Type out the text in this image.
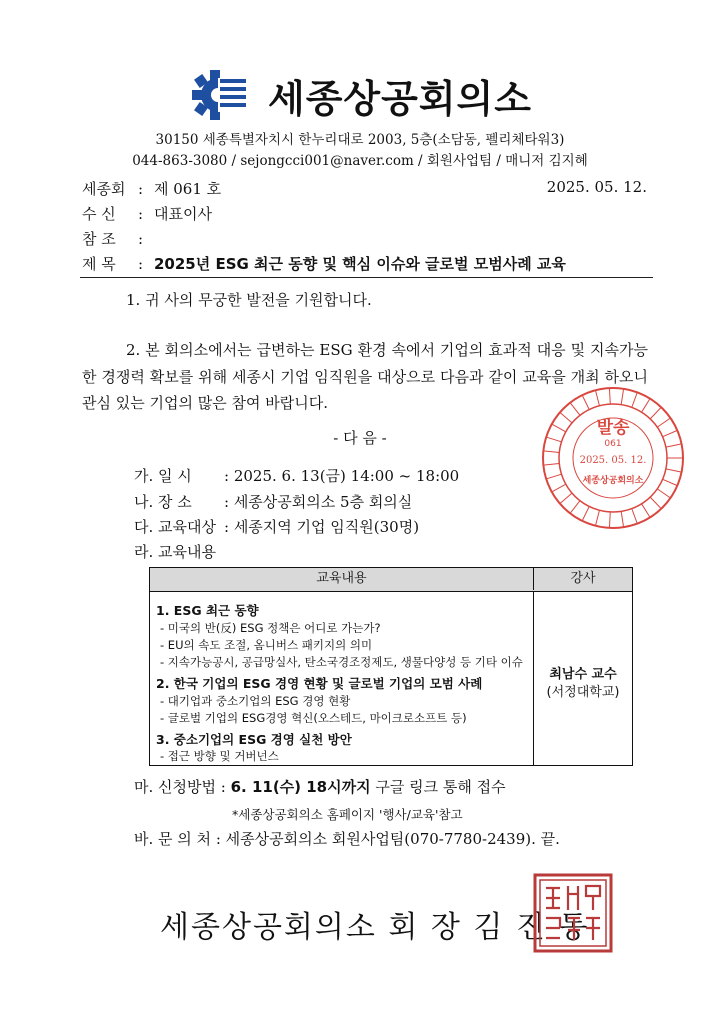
세종상공회의소
30150 세종특별자치시 한누리대로 2003, 5층(소담동, 펠리체타워3)
044-863-3080 / sejongcci001@naver.com / 회원사업팀 / 매니저 김지혜
세종회 : 제 061 호	2025. 05. 12.
수 신 : 대표이사
참 조 :
제 목 : 2025년 ESG 최근 동향 및 핵심 이슈와 글로벌 모범사례 교육
1. 귀 사의 무궁한 발전을 기원합니다.
2. 본 회의소에서는 급변하는 ESG 환경 속에서 기업의 효과적 대응 및 지속가능한 경쟁력 확보를 위해 세종시 기업 임직원을 대상으로 다음과 같이 교육을 개최 하오니 관심 있는 기업의 많은 참여 바랍니다.
- 다 음 -
가. 일 시 : 2025. 6. 13(금) 14:00 ~ 18:00
나. 장 소 : 세종상공회의소 5층 회의실
다. 교육대상 : 세종지역 기업 임직원(30명)
라. 교육내용
교육내용	강사
1. ESG 최근 동향
- 미국의 반(反) ESG 정책은 어디로 가는가?
- EU의 속도 조절, 옴니버스 패키지의 의미
- 지속가능공시, 공급망실사, 탄소국경조정제도, 생물다양성 등 기타 이슈
2. 한국 기업의 ESG 경영 현황 및 글로벌 기업의 모범 사례
- 대기업과 중소기업의 ESG 경영 현황
- 글로벌 기업의 ESG경영 혁신(오스테드, 마이크로소프트 등)
3. 중소기업의 ESG 경영 실천 방안
- 접근 방향 및 거버넌스
최남수 교수
(서정대학교)
마. 신청방법 : 6. 11(수) 18시까지 구글 링크 통해 접수
*세종상공회의소 홈페이지 '행사/교육'참고
바. 문 의 처 : 세종상공회의소 회원사업팀(070-7780-2439). 끝.
세종상공회의소 회 장 김 진 동
발송
061
2025. 05. 12.
세종상공회의소
